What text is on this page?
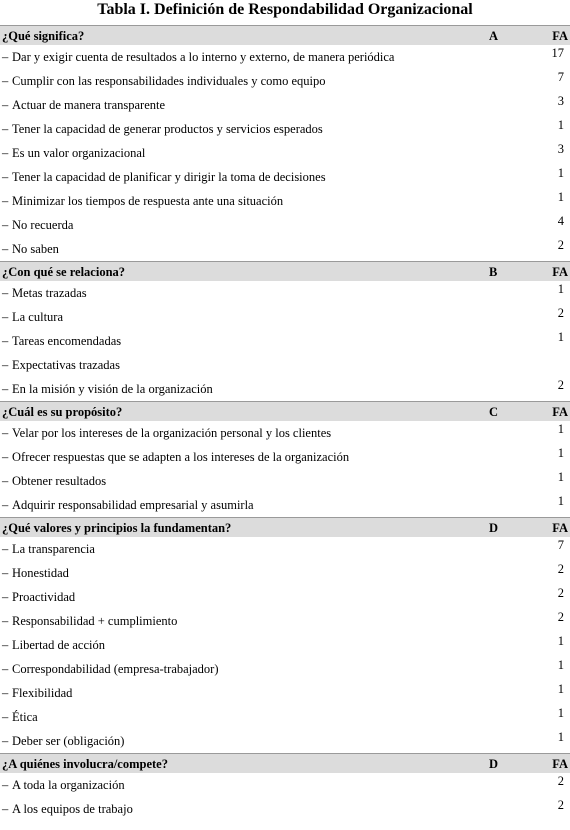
Tabla I. Definición de Respondabilidad Organizacional
¿Qué significa?	A	FA
– Dar y exigir cuenta de resultados a lo interno y externo, de manera periódica	17
– Cumplir con las responsabilidades individuales y como equipo	7
– Actuar de manera transparente	3
– Tener la capacidad de generar productos y servicios esperados	1
– Es un valor organizacional	3
– Tener la capacidad de planificar y dirigir la toma de decisiones	1
– Minimizar los tiempos de respuesta ante una situación	1
– No recuerda	4
– No saben	2
¿Con qué se relaciona?	B	FA
– Metas trazadas	1
– La cultura	2
– Tareas encomendadas	1
– Expectativas trazadas
– En la misión y visión de la organización	2
¿Cuál es su propósito?	C	FA
– Velar por los intereses de la organización personal y los clientes	1
– Ofrecer respuestas que se adapten a los intereses de la organización	1
– Obtener resultados	1
– Adquirir responsabilidad empresarial y asumirla	1
¿Qué valores y principios la fundamentan?	D	FA
– La transparencia	7
– Honestidad	2
– Proactividad	2
– Responsabilidad + cumplimiento	2
– Libertad de acción	1
– Correspondabilidad (empresa-trabajador)	1
– Flexibilidad	1
– Ética	1
– Deber ser (obligación)	1
¿A quiénes involucra/compete?	D	FA
– A toda la organización	2
– A los equipos de trabajo	2
